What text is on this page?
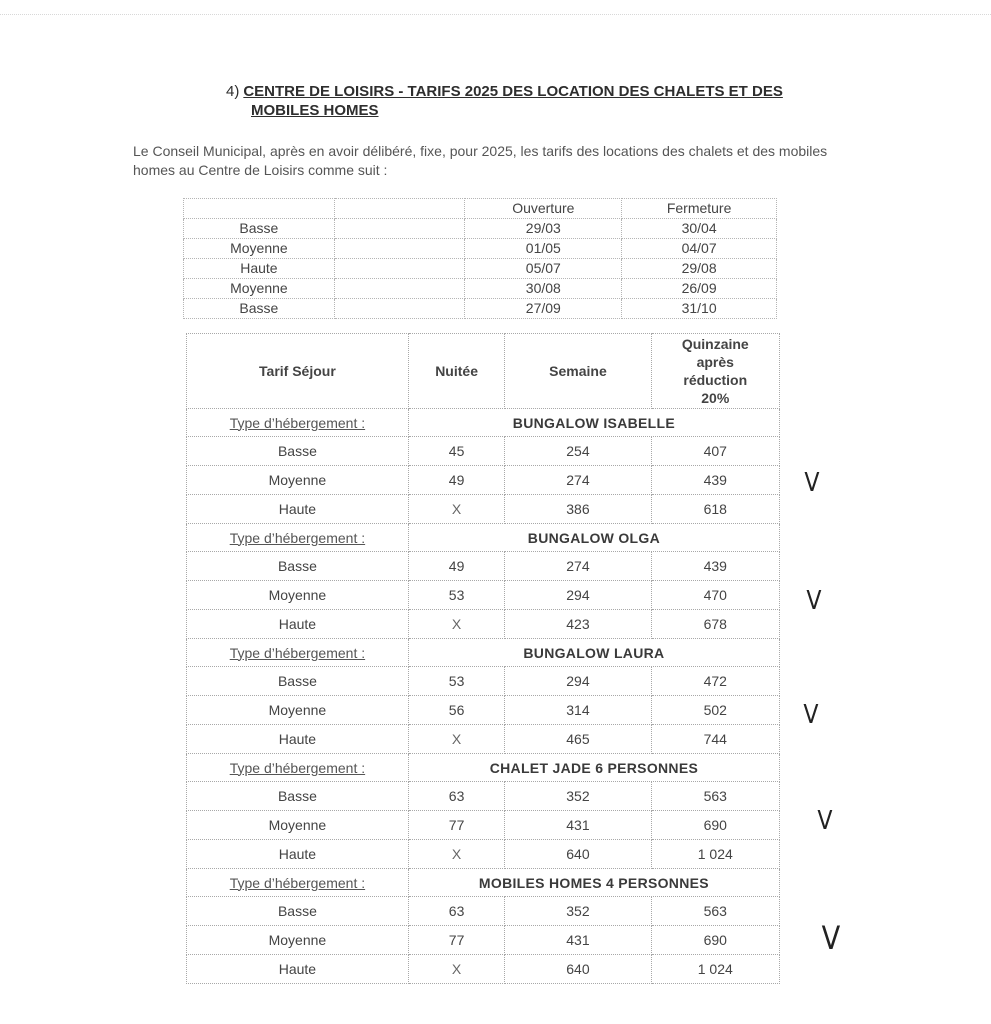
4) CENTRE DE LOISIRS - TARIFS 2025 DES LOCATION DES CHALETS ET DES
MOBILES HOMES
Le Conseil Municipal, après en avoir délibéré, fixe, pour 2025, les tarifs des locations des chalets et des mobiles homes au Centre de Loisirs comme suit :
		Ouverture	Fermeture
Basse		29/03	30/04
Moyenne		01/05	04/07
Haute		05/07	29/08
Moyenne		30/08	26/09
Basse		27/09	31/10
Tarif Séjour	Nuitée	Semaine	Quinzaine
après
réduction
20%

Type d’hébergement :	BUNGALOW ISABELLE		
Basse	45	254	407
Moyenne	49	274	439
Haute	X	386	618
Type d’hébergement :	BUNGALOW OLGA		
Basse	49	274	439
Moyenne	53	294	470
Haute	X	423	678
Type d’hébergement :	BUNGALOW LAURA		
Basse	53	294	472
Moyenne	56	314	502
Haute	X	465	744
Type d’hébergement :	CHALET JADE 6 PERSONNES		
Basse	63	352	563
Moyenne	77	431	690
Haute	X	640	1 024
Type d’hébergement :	MOBILES HOMES 4 PERSONNES		
Basse	63	352	563
Moyenne	77	431	690
Haute	X	640	1 024
V
V
V
V
V
